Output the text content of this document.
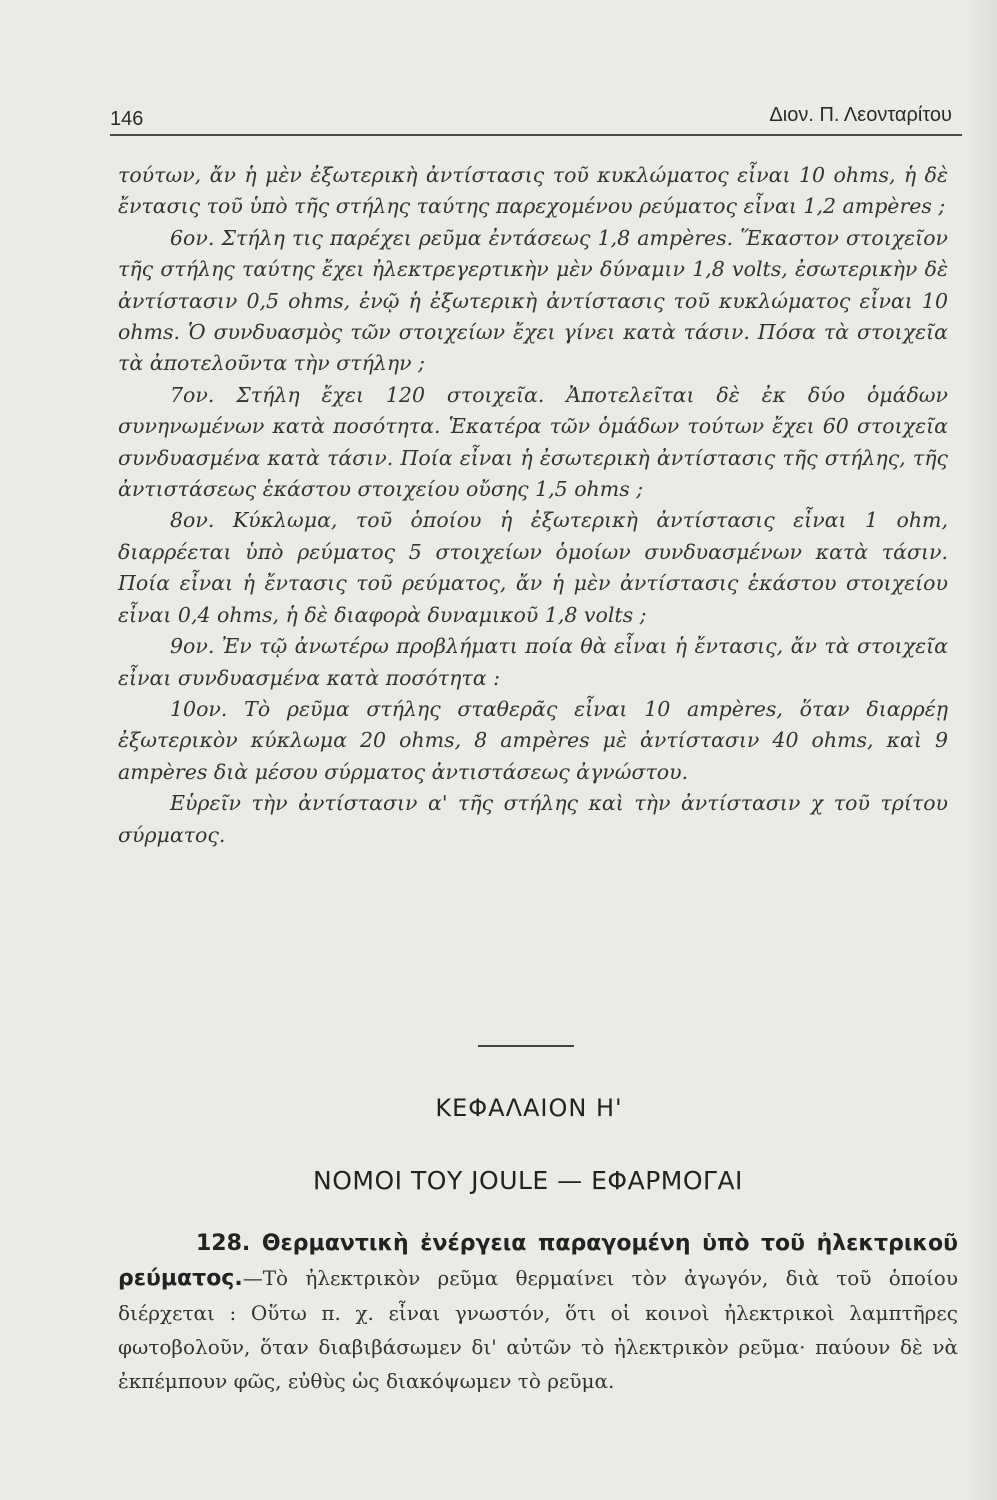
146	Διον. Π. Λεονταρίτου

τούτων, ἄν ἡ μὲν ἐξωτερικὴ ἀντίστασις τοῦ κυκλώματος εἶναι 10 ohms, ἡ δὲ ἔντασις τοῦ ὑπὸ τῆς στήλης ταύτης παρεχομένου ρεύματος εἶναι 1,2 ampères ;

6ον. Στήλη τις παρέχει ρεῦμα ἐντάσεως 1,8 ampères. Ἕκαστον στοιχεῖον τῆς στήλης ταύτης ἔχει ἠλεκτρεγερτικὴν μὲν δύναμιν 1,8 volts, ἐσωτερικὴν δὲ ἀντίστασιν 0,5 ohms, ἐνῷ ἡ ἐξωτερικὴ ἀντίστασις τοῦ κυκλώματος εἶναι 10 ohms. Ὁ συνδυασμὸς τῶν στοιχείων ἔχει γίνει κατὰ τάσιν. Πόσα τὰ στοιχεῖα τὰ ἀποτελοῦντα τὴν στήλην ;

7ον. Στήλη ἔχει 120 στοιχεῖα. Ἀποτελεῖται δὲ ἐκ δύο ὁμάδων συνηνωμένων κατὰ ποσότητα. Ἑκατέρα τῶν ὁμάδων τούτων ἔχει 60 στοιχεῖα συνδυασμένα κατὰ τάσιν. Ποία εἶναι ἡ ἐσωτερικὴ ἀντίστασις τῆς στήλης, τῆς ἀντιστάσεως ἑκάστου στοιχείου οὔσης 1,5 ohms ;

8ον. Κύκλωμα, τοῦ ὁποίου ἡ ἐξωτερικὴ ἀντίστασις εἶναι 1 ohm, διαρρέεται ὑπὸ ρεύματος 5 στοιχείων ὁμοίων συνδυασμένων κατὰ τάσιν. Ποία εἶναι ἡ ἔντασις τοῦ ρεύματος, ἄν ἡ μὲν ἀντίστασις ἑκάστου στοιχείου εἶναι 0,4 ohms, ἡ δὲ διαφορὰ δυναμικοῦ 1,8 volts ;

9ον. Ἐν τῷ ἀνωτέρω προβλήματι ποία θὰ εἶναι ἡ ἔντασις, ἄν τὰ στοιχεῖα εἶναι συνδυασμένα κατὰ ποσότητα :

10ον. Τὸ ρεῦμα στήλης σταθερᾶς εἶναι 10 ampères, ὅταν διαρρέῃ ἐξωτερικὸν κύκλωμα 20 ohms, 8 ampères μὲ ἀντίστασιν 40 ohms, καὶ 9 ampères διὰ μέσου σύρματος ἀντιστάσεως ἀγνώστου.

Εὑρεῖν τὴν ἀντίστασιν α' τῆς στήλης καὶ τὴν ἀντίστασιν χ τοῦ τρίτου σύρματος.

ΚΕΦΑΛΑΙΟΝ Η'
ΝΟΜΟΙ ΤΟΥ JOULE — ΕΦΑΡΜΟΓΑΙ
128. Θερμαντικὴ ἐνέργεια παραγομένη ὑπὸ τοῦ ἠλεκτρικοῦ ρεύματος.—Τὸ ἠλεκτρικὸν ρεῦμα θερμαίνει τὸν ἀγωγόν, διὰ τοῦ ὁποίου διέρχεται : Οὕτω π. χ. εἶναι γνωστόν, ὅτι οἱ κοινοὶ ἠλεκτρικοὶ λαμπτῆρες φωτοβολοῦν, ὅταν διαβιβάσωμεν δι' αὐτῶν τὸ ἠλεκτρικὸν ρεῦμα· παύουν δὲ νὰ ἐκπέμπουν φῶς, εὐθὺς ὡς διακόψωμεν τὸ ρεῦμα.
